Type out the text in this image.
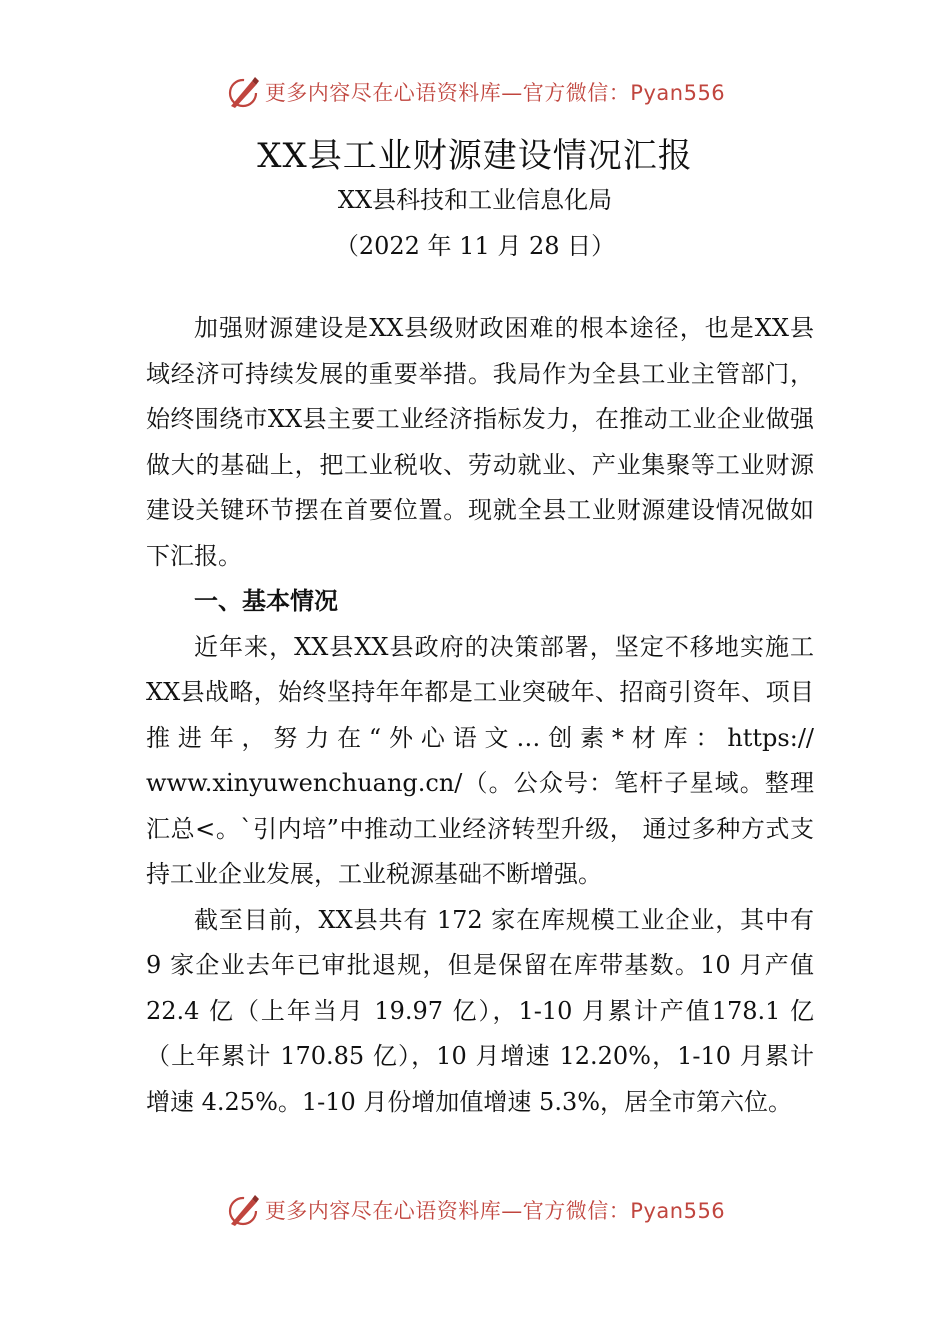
更多内容尽在心语资料库—官方微信：Pyan556
XX县工业财源建设情况汇报
XX县科技和工业信息化局
（2022 年 11 月 28 日）

加强财源建设是XX县级财政困难的根本途径，也是XX县域经济可持续发展的重要举措。我局作为全县工业主管部门，始终围绕市XX县主要工业经济指标发力，在推动工业企业做强做大的基础上，把工业税收、劳动就业、产业集聚等工业财源建设关键环节摆在首要位置。现就全县工业财源建设情况做如下汇报。

一、基本情况

近年来，XX县XX县政府的决策部署，坚定不移地实施工XX县战略，始终坚持年年都是工业突破年、招商引资年、项目推进年，努力在“外心语文…创素*材库：https:// www.xinyuwenchuang.cn/（。公众号：笔杆子星域。整理汇总<。`引内培”中推动工业经济转型升级， 通过多种方式支持工业企业发展，工业税源基础不断增强。

截至目前，XX县共有 172 家在库规模工业企业，其中有 9 家企业去年已审批退规，但是保留在库带基数。10 月产值 22.4 亿（上年当月 19.97 亿），1-10 月累计产值178.1 亿（上年累计 170.85 亿），10 月增速 12.20%，1-10 月累计增速 4.25%。1-10 月份增加值增速 5.3%，居全市第六位。

更多内容尽在心语资料库—官方微信：Pyan556
